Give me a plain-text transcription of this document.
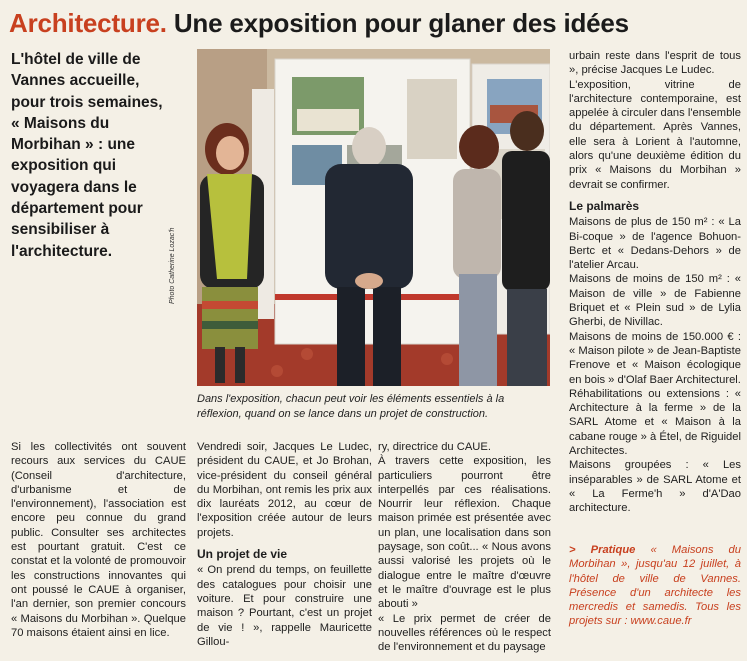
Architecture. Une exposition pour glaner des idées
L'hôtel de ville de Vannes accueille, pour trois semaines, « Maisons du Morbihan » : une exposition qui voyagera dans le département pour sensibiliser à l'architecture.	Photo Catherine Lozac'h
Dans l'exposition, chacun peut voir les éléments essentiels à la réflexion, quand on se lance dans un projet de construction.

Si les collectivités ont souvent recours aux services du CAUE (Conseil d'architecture, d'urbanisme et de l'environnement), l'association est encore peu connue du grand public. Consulter ses architectes est pourtant gratuit. C'est ce constat et la volonté de promouvoir les constructions innovantes qui ont poussé le CAUE à organiser, l'an dernier, son premier concours « Maisons du Morbihan ». Quelque 70 maisons étaient ainsi en lice.

Vendredi soir, Jacques Le Ludec, président du CAUE, et Jo Brohan, vice-président du conseil général du Morbihan, ont remis les prix aux dix lauréats 2012, au cœur de l'exposition créée autour de leurs projets.

Un projet de vie

« On prend du temps, on feuillette des catalogues pour choisir une voiture. Et pour construire une maison ? Pourtant, c'est un projet de vie ! », rappelle Mauricette Gillou-

ry, directrice du CAUE.

À travers cette exposition, les particuliers pourront être interpellés par ces réalisations. Nourrir leur réflexion. Chaque maison primée est présentée avec un plan, une localisation dans son paysage, son coût... « Nous avons aussi valorisé les projets où le dialogue entre le maître d'œuvre et le maître d'ouvrage est le plus abouti »

« Le prix permet de créer de nouvelles références où le respect de l'environnement et du paysage

urbain reste dans l'esprit de tous », précise Jacques Le Ludec.

L'exposition, vitrine de l'architecture contemporaine, est appelée à circuler dans l'ensemble du département. Après Vannes, elle sera à Lorient à l'automne, alors qu'une deuxième édition du prix « Maisons du Morbihan » devrait se confirmer.

Le palmarès

Maisons de plus de 150 m² : « La Bi-coque » de l'agence Bohuon-Bertc et « Dedans-Dehors » de l'atelier Arcau.

Maisons de moins de 150 m² : « Maison de ville » de Fabienne Briquet et « Plein sud » de Lylia Gherbi, de Nivillac.

Maisons de moins de 150.000 € : « Maison pilote » de Jean-Baptiste Frenove et « Maison écologique en bois » d'Olaf Baer Architecturel.

Réhabilitations ou extensions : « Architecture à la ferme » de la SARL Atome et « Maison à la cabane rouge » à Étel, de Riguidel Architectes.

Maisons groupées : « Les inséparables » de SARL Atome et « La Ferme'h » d'A'Dao architecture.

> Pratique « Maisons du Morbihan », jusqu'au 12 juillet, à l'hôtel de ville de Vannes. Présence d'un architecte les mercredis et samedis. Tous les projets sur : www.caue.fr
